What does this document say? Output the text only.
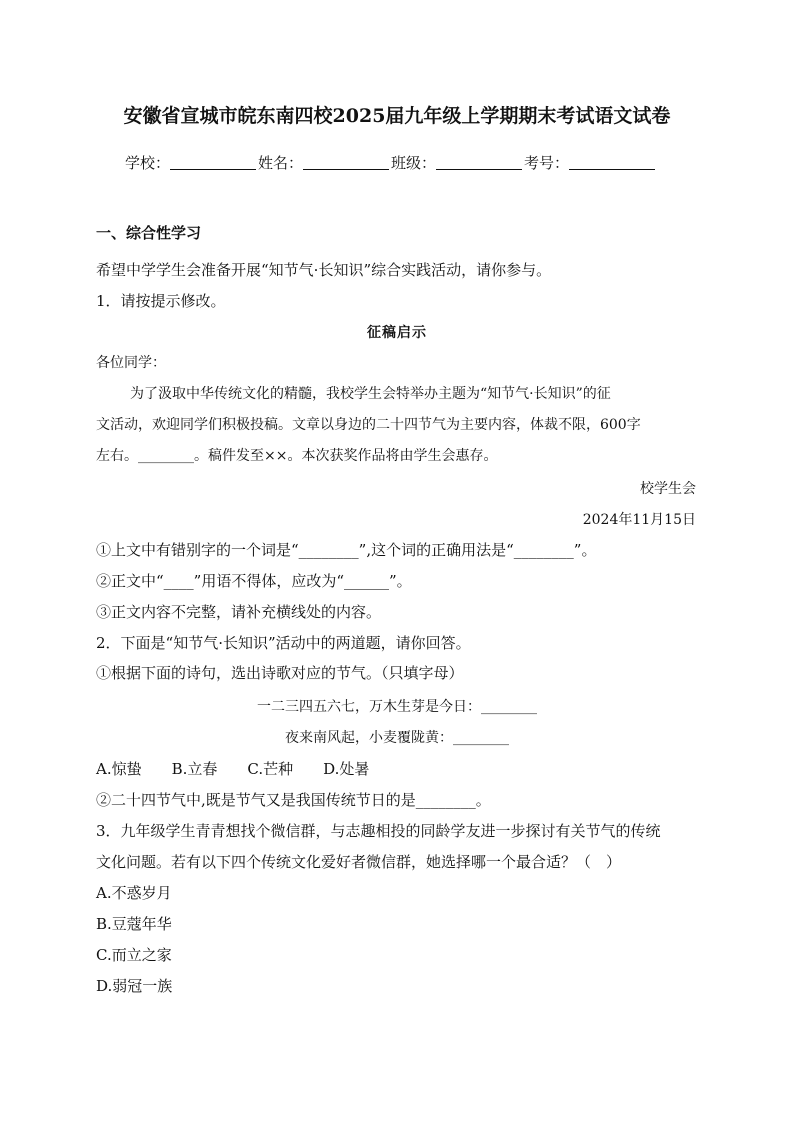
安徽省宣城市皖东南四校2025届九年级上学期期末考试语文试卷
学校：	姓名：	班级：	考号：
一、综合性学习
希望中学学生会准备开展“知节气·长知识”综合实践活动，请你参与。
1．请按提示修改。
征稿启示
各位同学：
为了汲取中华传统文化的精髓，我校学生会特举办主题为“知节气·长知识”的征
文活动，欢迎同学们积极投稿。文章以身边的二十四节气为主要内容，体裁不限，600字
左右。________。稿件发至××。本次获奖作品将由学生会惠存。
校学生会
2024年11月15日
①上文中有错别字的一个词是“________”,这个词的正确用法是“________”。
②正文中“____”用语不得体，应改为“______”。
③正文内容不完整，请补充横线处的内容。
2．下面是“知节气·长知识”活动中的两道题，请你回答。
①根据下面的诗句，选出诗歌对应的节气。（只填字母）
一二三四五六七，万木生芽是今日：________
夜来南风起，小麦覆陇黄：________
A.惊蛰 B.立春 C.芒种 D.处暑
②二十四节气中,既是节气又是我国传统节日的是________。
3．九年级学生青青想找个微信群，与志趣相投的同龄学友进一步探讨有关节气的传统
文化问题。若有以下四个传统文化爱好者微信群，她选择哪一个最合适？（　）
A.不惑岁月
B.豆蔻年华
C.而立之家
D.弱冠一族
